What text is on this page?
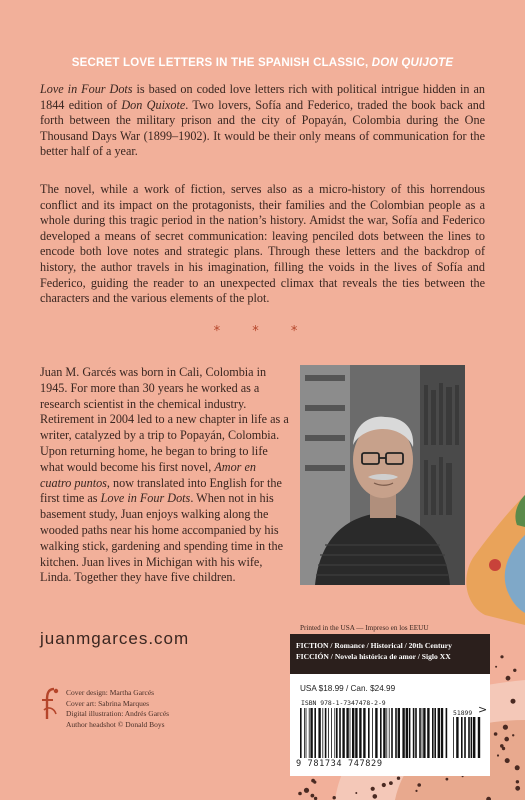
SECRET LOVE LETTERS IN THE SPANISH CLASSIC, DON QUIJOTE

Love in Four Dots is based on coded love letters rich with political intrigue hidden in an 1844 edition of Don Quixote. Two lovers, Sofía and Federico, traded the book back and forth between the military prison and the city of Popayán, Colombia during the One Thousand Days War (1899–1902). It would be their only means of communication for the better half of a year.

The novel, while a work of fiction, serves also as a micro-history of this horrendous conflict and its impact on the protagonists, their families and the Colombian people as a whole during this tragic period in the nation’s history. Amidst the war, Sofía and Federico developed a means of secret communication: leaving penciled dots between the lines to encode both love notes and strategic plans. Through these letters and the backdrop of history, the author travels in his imagination, filling the voids in the lives of Sofía and Federico, guiding the reader to an unexpected climax that reveals the ties between the characters and the various elements of the plot.

* * *

Juan M. Garcés was born in Cali, Colombia in 1945. For more than 30 years he worked as a research scientist in the chemical industry. Retirement in 2004 led to a new chapter in life as a writer, catalyzed by a trip to Popayán, Colombia. Upon returning home, he began to bring to life what would become his first novel, Amor en cuatro puntos, now translated into English for the first time as Love in Four Dots. When not in his basement study, Juan enjoys walking along the wooded paths near his home accompanied by his walking stick, gardening and spending time in the kitchen. Juan lives in Michigan with his wife, Linda. Together they have five children.

juanmgarces.com
Cover design: Martha Garcés
Cover art: Sabrina Marques
Digital illustration: Andrés Garcés
Author headshot © Donald Boys
Printed in the USA — Impreso en los EEUU
FICTION / Romance / Historical / 20th Century
FICCIÓN / Novela histórica de amor / Siglo XX
USA $18.99 / Can. $24.99
ISBN 978-1-7347478-2-9
51899 >
9 781734 747829
